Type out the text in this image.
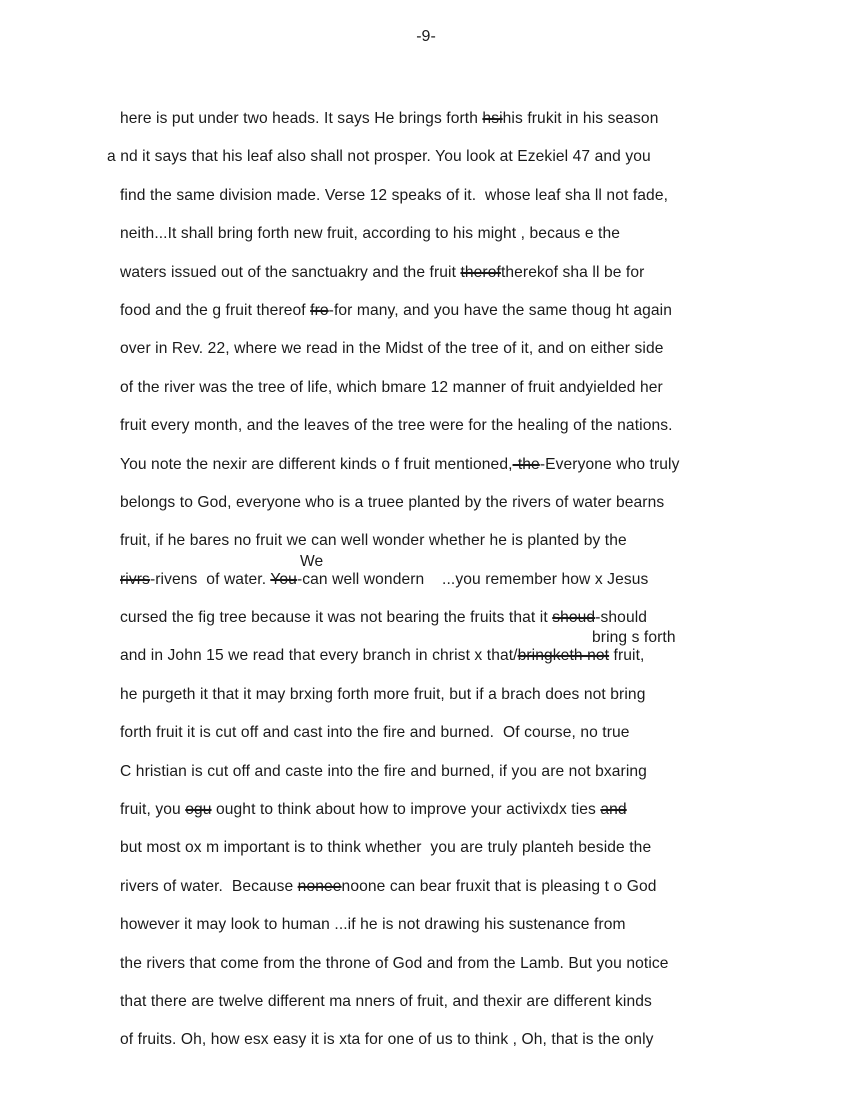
-9-
here is put under two heads. It says He brings forth hsihis frukit in his season
a nd it says that his leaf also shall not prosper. You look at Ezekiel 47 and you
find the same division made. Verse 12 speaks of it.  whose leaf sha ll not fade,
neith...It shall bring forth new fruit, according to his might , becaus e the
waters issued out of the sanctuakry and the fruit theroftherekof sha ll be for
food and the g fruit thereof fro-for many, and you have the same thoug ht again
over in Rev. 22, where we read in the Midst of the tree of it, and on either side
of the river was the tree of life, which bmare 12 manner of fruit andyielded her
fruit every month, and the leaves of the tree were for the healing of the nations.
You note the nexir are different kinds o f fruit mentioned,-the-Everyone who truly
belongs to God, everyone who is a truee planted by the rivers of water bearns
fruit, if he bares no fruit we can well wonder whether he is planted by the
We
rivrs-rivens  of water. You-can well wondern    ...you remember how x Jesus
cursed the fig tree because it was not bearing the fruits that it shoud-should
bring s forth
and in John 15 we read that every branch in christ x that/bringketh not fruit,
he purgeth it that it may brxing forth more fruit, but if a brach does not bring
forth fruit it is cut off and cast into the fire and burned.  Of course, no true
C hristian is cut off and caste into the fire and burned, if you are not bxaring
fruit, you ogu ought to think about how to improve your activixdx ties and
but most ox m important is to think whether  you are truly planteh beside the
rivers of water.  Because noneenoone can bear fruxit that is pleasing t o God
however it may look to human ...if he is not drawing his sustenance from
the rivers that come from the throne of God and from the Lamb. But you notice
that there are twelve different ma nners of fruit, and thexir are different kinds
of fruits. Oh, how esx easy it is xta for one of us to think , Oh, that is the only
